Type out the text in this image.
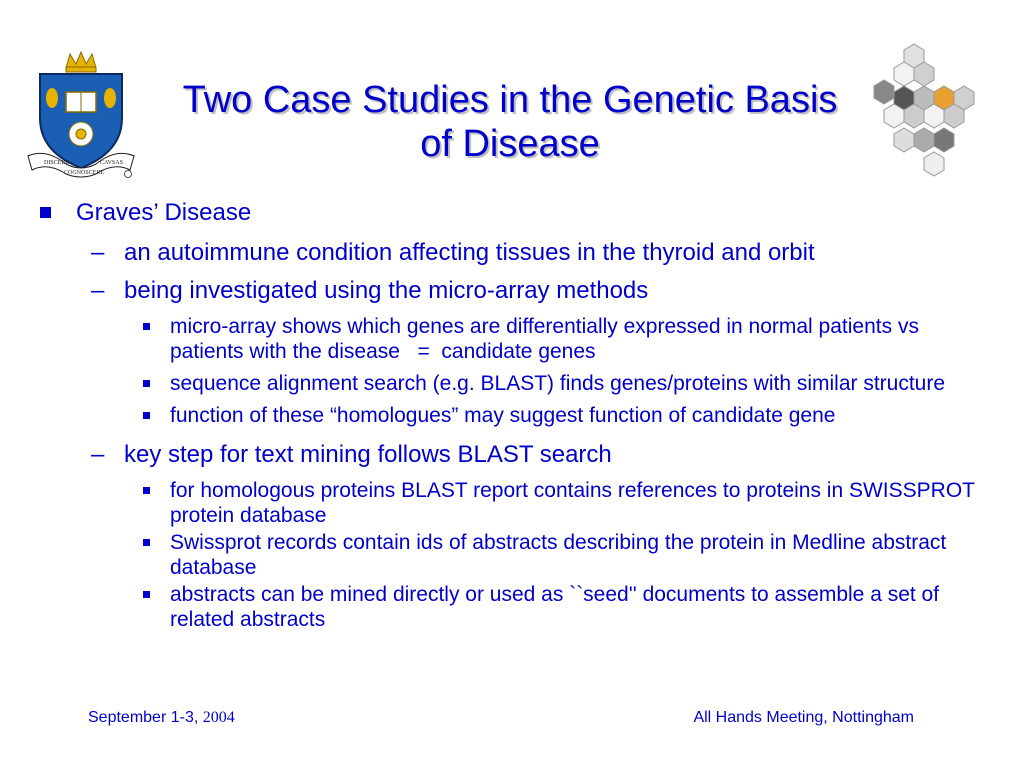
DISCERE
COGNOSCERE
CAVSAS
Two Case Studies in the Genetic Basis
of Disease
Graves’ Disease
– an autoimmune condition affecting tissues in the thyroid and orbit
– being investigated using the micro-array methods
micro-array shows which genes are differentially expressed in normal patients vs patients with the disease   =  candidate genes
sequence alignment search (e.g. BLAST) finds genes/proteins with similar structure
function of these “homologues” may suggest function of candidate gene
– key step for text mining follows BLAST search
for homologous proteins BLAST report contains references to proteins in SWISSPROT protein database
Swissprot records contain ids of abstracts describing the protein in Medline abstract database
abstracts can be mined directly or used as ``seed'' documents to assemble a set of related abstracts
September 1-3, 2004	All Hands Meeting, Nottingham
